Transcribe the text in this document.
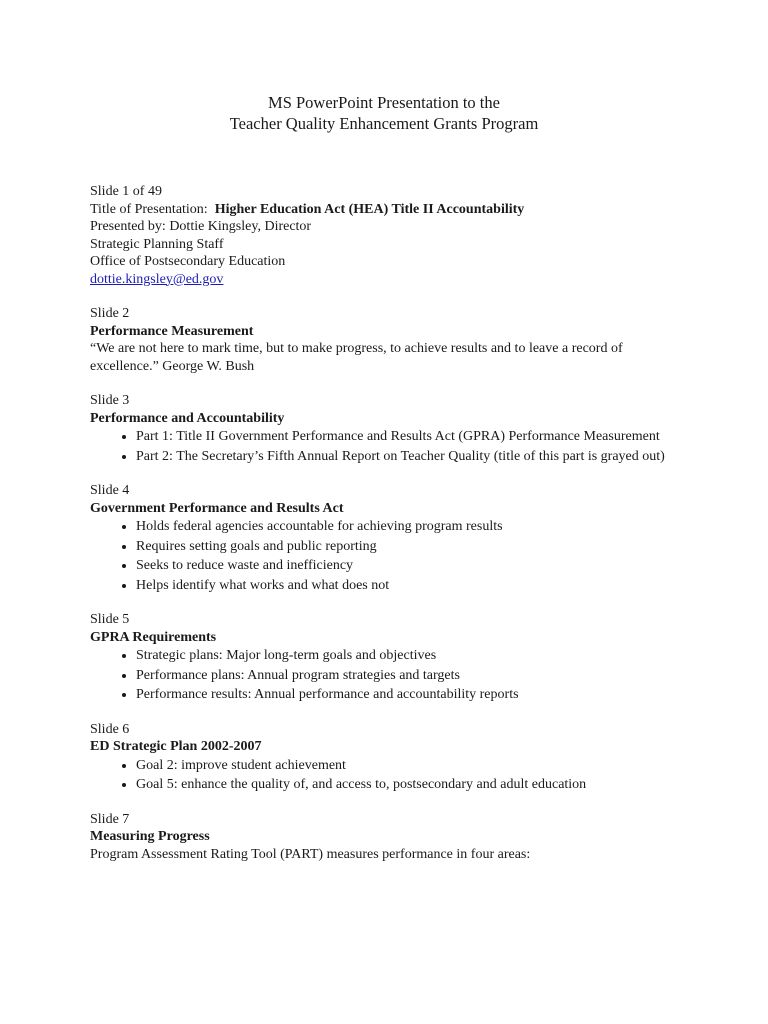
MS PowerPoint Presentation to the
Teacher Quality Enhancement Grants Program

Slide 1 of 49

Title of Presentation: Higher Education Act (HEA) Title II Accountability

Presented by: Dottie Kingsley, Director

Strategic Planning Staff

Office of Postsecondary Education

dottie.kingsley@ed.gov

Slide 2

Performance Measurement

“We are not here to mark time, but to make progress, to achieve results and to leave a record of excellence.” George W. Bush

Slide 3

Performance and Accountability

• Part 1: Title II Government Performance and Results Act (GPRA) Performance Measurement
• Part 2: The Secretary’s Fifth Annual Report on Teacher Quality (title of this part is grayed out)

Slide 4

Government Performance and Results Act

• Holds federal agencies accountable for achieving program results
• Requires setting goals and public reporting
• Seeks to reduce waste and inefficiency
• Helps identify what works and what does not

Slide 5

GPRA Requirements

• Strategic plans: Major long-term goals and objectives
• Performance plans: Annual program strategies and targets
• Performance results: Annual performance and accountability reports

Slide 6

ED Strategic Plan 2002-2007

• Goal 2: improve student achievement
• Goal 5: enhance the quality of, and access to, postsecondary and adult education

Slide 7

Measuring Progress

Program Assessment Rating Tool (PART) measures performance in four areas:
